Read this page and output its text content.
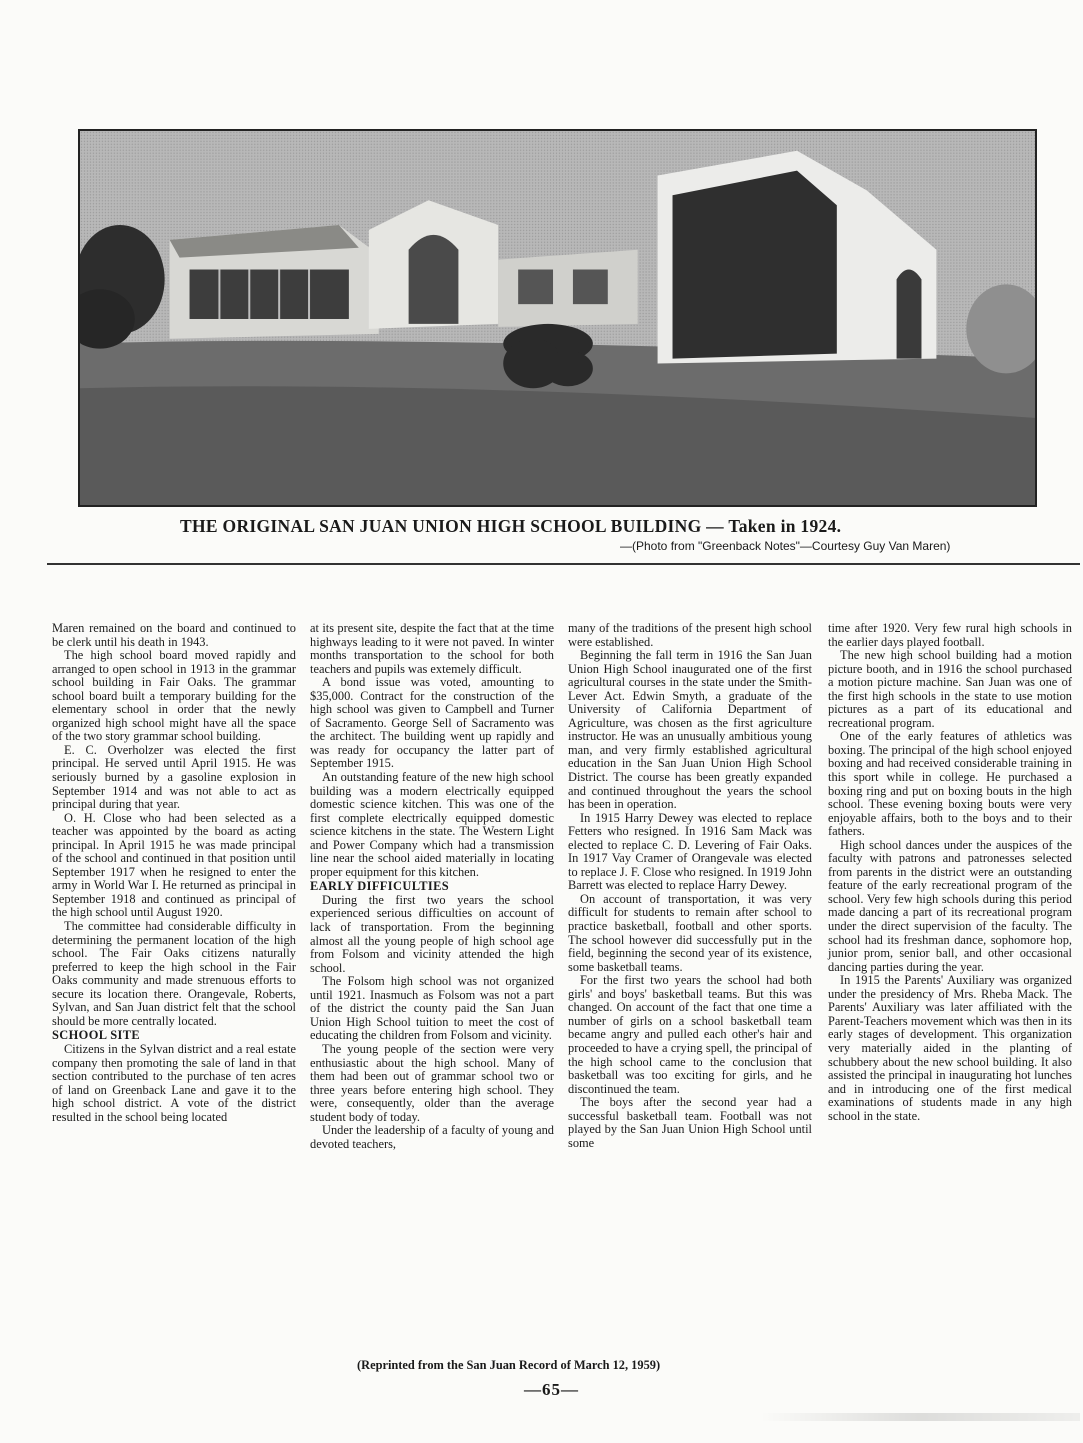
THE ORIGINAL SAN JUAN UNION HIGH SCHOOL BUILDING — Taken in 1924.
—(Photo from "Greenback Notes"—Courtesy Guy Van Maren)

Maren remained on the board and continued to be clerk until his death in 1943.

The high school board moved rapidly and arranged to open school in 1913 in the grammar school building in Fair Oaks. The grammar school board built a temporary building for the elementary school in order that the newly organized high school might have all the space of the two story grammar school building.

E. C. Overholzer was elected the first principal. He served until April 1915. He was seriously burned by a gasoline explosion in September 1914 and was not able to act as principal during that year.

O. H. Close who had been selected as a teacher was appointed by the board as acting principal. In April 1915 he was made principal of the school and continued in that position until September 1917 when he resigned to enter the army in World War I. He returned as principal in September 1918 and continued as principal of the high school until August 1920.

The committee had considerable difficulty in determining the permanent location of the high school. The Fair Oaks citizens naturally preferred to keep the high school in the Fair Oaks community and made strenuous efforts to secure its location there. Orangevale, Roberts, Sylvan, and San Juan district felt that the school should be more centrally located.

SCHOOL SITE

Citizens in the Sylvan district and a real estate company then promoting the sale of land in that section contributed to the purchase of ten acres of land on Greenback Lane and gave it to the high school district. A vote of the district resulted in the school being located

at its present site, despite the fact that at the time highways leading to it were not paved. In winter months transportation to the school for both teachers and pupils was extemely difficult.

A bond issue was voted, amounting to $35,000. Contract for the construction of the high school was given to Campbell and Turner of Sacramento. George Sell of Sacramento was the architect. The building went up rapidly and was ready for occupancy the latter part of September 1915.

An outstanding feature of the new high school building was a modern electrically equipped domestic science kitchen. This was one of the first complete electrically equipped domestic science kitchens in the state. The Western Light and Power Company which had a transmission line near the school aided materially in locating proper equipment for this kitchen.

EARLY DIFFICULTIES

During the first two years the school experienced serious difficulties on account of lack of transportation. From the beginning almost all the young people of high school age from Folsom and vicinity attended the high school.

The Folsom high school was not organized until 1921. Inasmuch as Folsom was not a part of the district the county paid the San Juan Union High School tuition to meet the cost of educating the children from Folsom and vicinity.

The young people of the section were very enthusiastic about the high school. Many of them had been out of grammar school two or three years before entering high school. They were, consequently, older than the average student body of today.

Under the leadership of a faculty of young and devoted teachers,

many of the traditions of the present high school were established.

Beginning the fall term in 1916 the San Juan Union High School inaugurated one of the first agricultural courses in the state under the Smith-Lever Act. Edwin Smyth, a graduate of the University of California Department of Agriculture, was chosen as the first agriculture instructor. He was an unusually ambitious young man, and very firmly established agricultural education in the San Juan Union High School District. The course has been greatly expanded and continued throughout the years the school has been in operation.

In 1915 Harry Dewey was elected to replace Fetters who resigned. In 1916 Sam Mack was elected to replace C. D. Levering of Fair Oaks. In 1917 Vay Cramer of Orangevale was elected to replace J. F. Close who resigned. In 1919 John Barrett was elected to replace Harry Dewey.

On account of transportation, it was very difficult for students to remain after school to practice basketball, football and other sports. The school however did successfully put in the field, beginning the second year of its existence, some basketball teams.

For the first two years the school had both girls' and boys' basketball teams. But this was changed. On account of the fact that one time a number of girls on a school basketball team became angry and pulled each other's hair and proceeded to have a crying spell, the principal of the high school came to the conclusion that basketball was too exciting for girls, and he discontinued the team.

The boys after the second year had a successful basketball team. Football was not played by the San Juan Union High School until some

time after 1920. Very few rural high schools in the earlier days played football.

The new high school building had a motion picture booth, and in 1916 the school purchased a motion picture machine. San Juan was one of the first high schools in the state to use motion pictures as a part of its educational and recreational program.

One of the early features of athletics was boxing. The principal of the high school enjoyed boxing and had received considerable training in this sport while in college. He purchased a boxing ring and put on boxing bouts in the high school. These evening boxing bouts were very enjoyable affairs, both to the boys and to their fathers.

High school dances under the auspices of the faculty with patrons and patronesses selected from parents in the district were an outstanding feature of the early recreational program of the school. Very few high schools during this period made dancing a part of its recreational program under the direct supervision of the faculty. The school had its freshman dance, sophomore hop, junior prom, senior ball, and other occasional dancing parties during the year.

In 1915 the Parents' Auxiliary was organized under the presidency of Mrs. Rheba Mack. The Parents' Auxiliary was later affiliated with the Parent-Teachers movement which was then in its early stages of development. This organization very materially aided in the planting of schubbery about the new school building. It also assisted the principal in inaugurating hot lunches and in introducing one of the first medical examinations of students made in any high school in the state.

(Reprinted from the San Juan Record of March 12, 1959)
—65—
